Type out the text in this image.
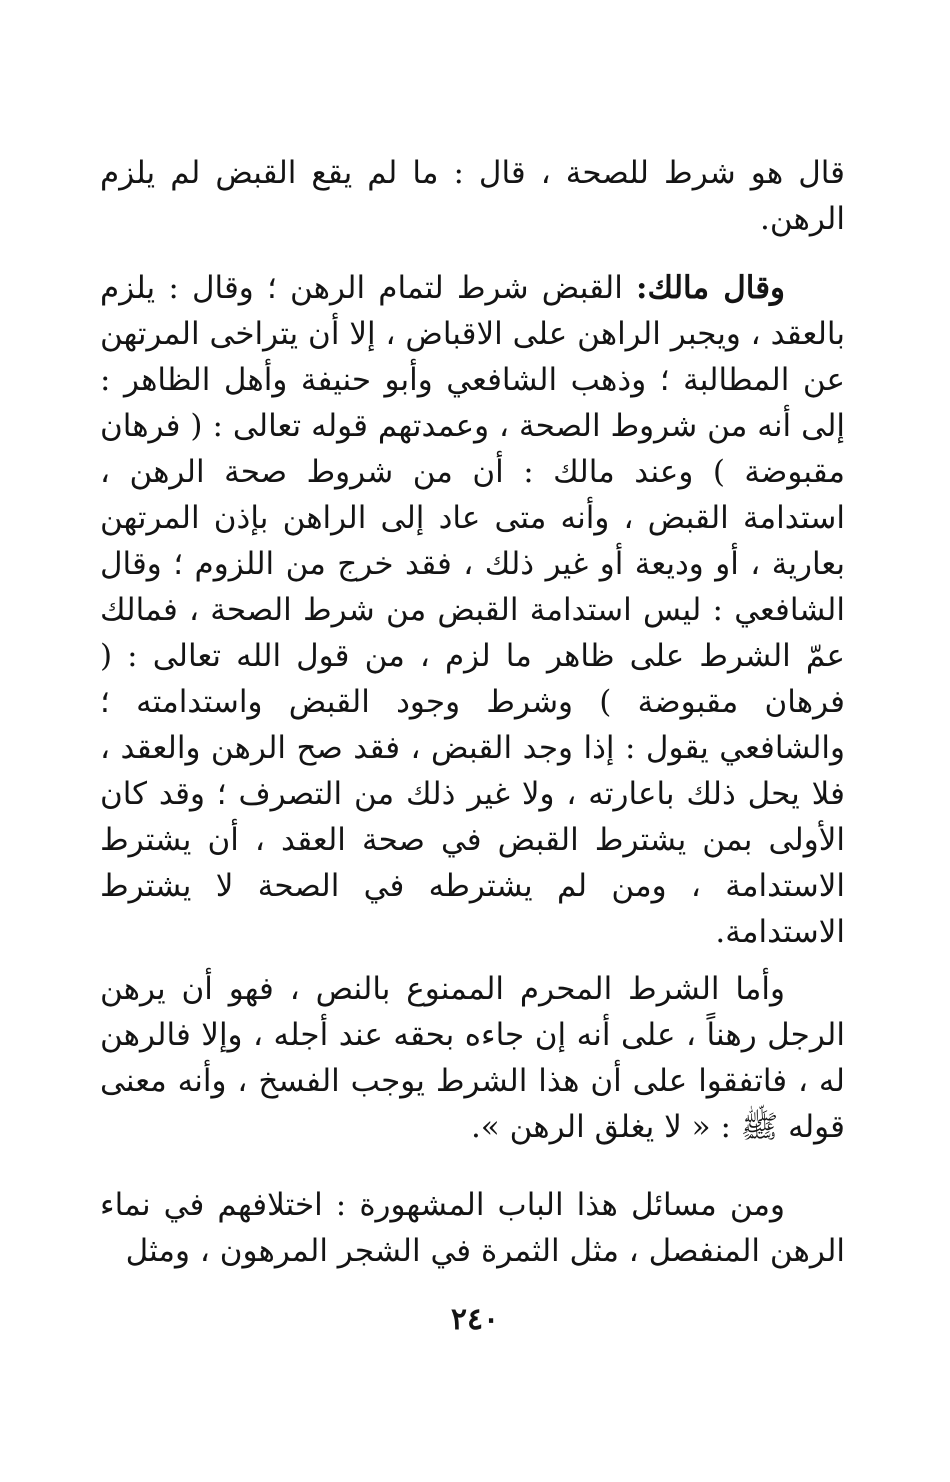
قال هو شرط للصحة ، قال : ما لم يقع القبض لم يلزم الرهن.

وقال مالك: القبض شرط لتمام الرهن ؛ وقال : يلزم بالعقد ، ويجبر الراهن على الاقباض ، إلا أن يتراخى المرتهن عن المطالبة ؛ وذهب الشافعي وأبو حنيفة وأهل الظاهر : إلى أنه من شروط الصحة ، وعمدتهم قوله تعالى : ( فرهان مقبوضة ) وعند مالك : أن من شروط صحة الرهن ، استدامة القبض ، وأنه متى عاد إلى الراهن بإذن المرتهن بعارية ، أو وديعة أو غير ذلك ، فقد خرج من اللزوم ؛ وقال الشافعي : ليس استدامة القبض من شرط الصحة ، فمالك عمّ الشرط على ظاهر ما لزم ، من قول الله تعالى : ( فرهان مقبوضة ) وشرط وجود القبض واستدامته ؛ والشافعي يقول : إذا وجد القبض ، فقد صح الرهن والعقد ، فلا يحل ذلك باعارته ، ولا غير ذلك من التصرف ؛ وقد كان الأولى بمن يشترط القبض في صحة العقد ، أن يشترط الاستدامة ، ومن لم يشترطه في الصحة لا يشترط الاستدامة.

وأما الشرط المحرم الممنوع بالنص ، فهو أن يرهن الرجل رهناً ، على أنه إن جاءه بحقه عند أجله ، وإلا فالرهن له ، فاتفقوا على أن هذا الشرط يوجب الفسخ ، وأنه معنى قوله ﷺ : « لا يغلق الرهن ».

ومن مسائل هذا الباب المشهورة : اختلافهم في نماء الرهن المنفصل ، مثل الثمرة في الشجر المرهون ، ومثل

٢٤٠
